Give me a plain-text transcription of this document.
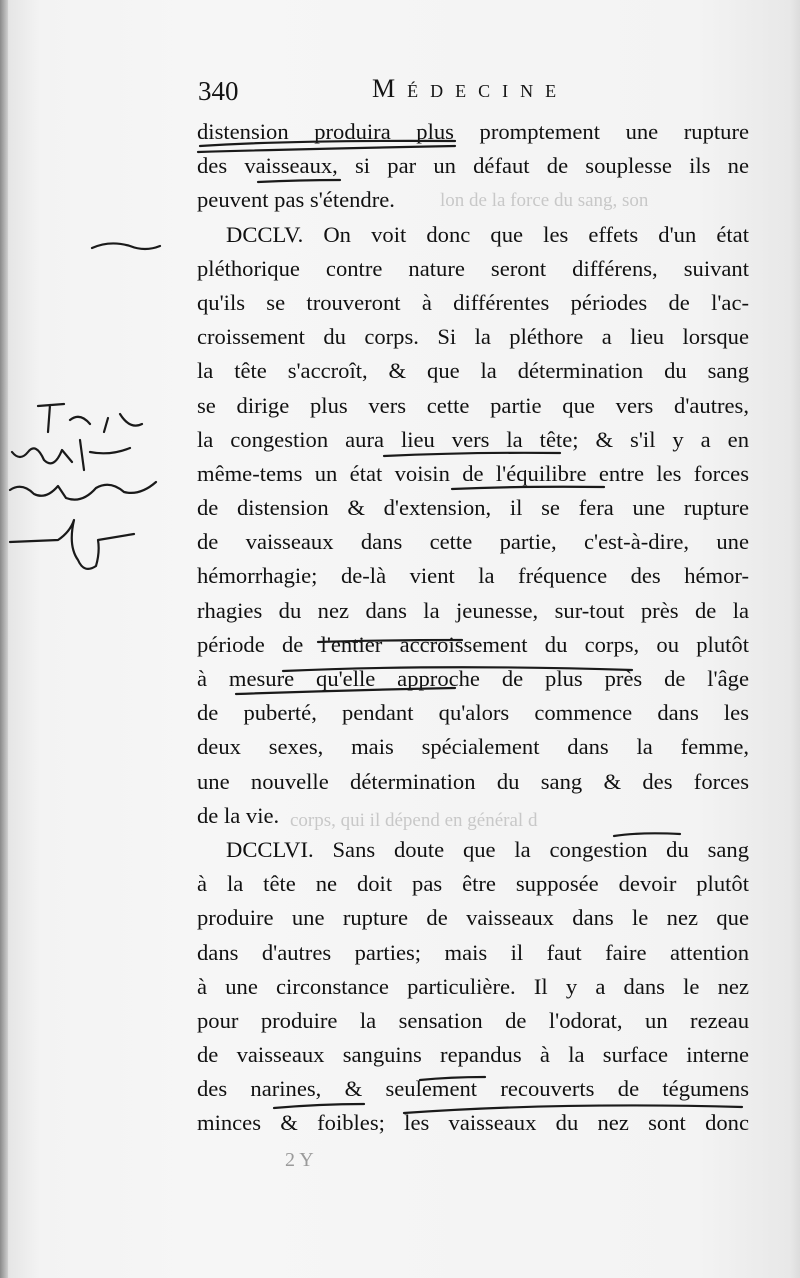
lon de la force du sang, son
corps, qui il dépend en général d
340	Médecine
distension produira plus promptement une rupture
des vaisseaux, si par un défaut de souplesse ils ne
peuvent pas s'étendre.
DCCLV. On voit donc que les effets d'un état
pléthorique contre nature seront différens, suivant
qu'ils se trouveront à différentes périodes de l'ac-
croissement du corps. Si la pléthore a lieu lorsque
la tête s'accroît, & que la détermination du sang
se dirige plus vers cette partie que vers d'autres,
la congestion aura lieu vers la tête; & s'il y a en
même-tems un état voisin de l'équilibre entre les forces
de distension & d'extension, il se fera une rupture
de vaisseaux dans cette partie, c'est-à-dire, une
hémorrhagie; de-là vient la fréquence des hémor-
rhagies du nez dans la jeunesse, sur-tout près de la
période de l'entier accroissement du corps, ou plutôt
à mesure qu'elle approche de plus près de l'âge
de puberté, pendant qu'alors commence dans les
deux sexes, mais spécialement dans la femme,
une nouvelle détermination du sang & des forces
de la vie.
DCCLVI. Sans doute que la congestion du sang
à la tête ne doit pas être supposée devoir plutôt
produire une rupture de vaisseaux dans le nez que
dans d'autres parties; mais il faut faire attention
à une circonstance particulière. Il y a dans le nez
pour produire la sensation de l'odorat, un rezeau
de vaisseaux sanguins repandus à la surface interne
des narines, & seulement recouverts de tégumens
minces & foibles; les vaisseaux du nez sont donc
2 Y
